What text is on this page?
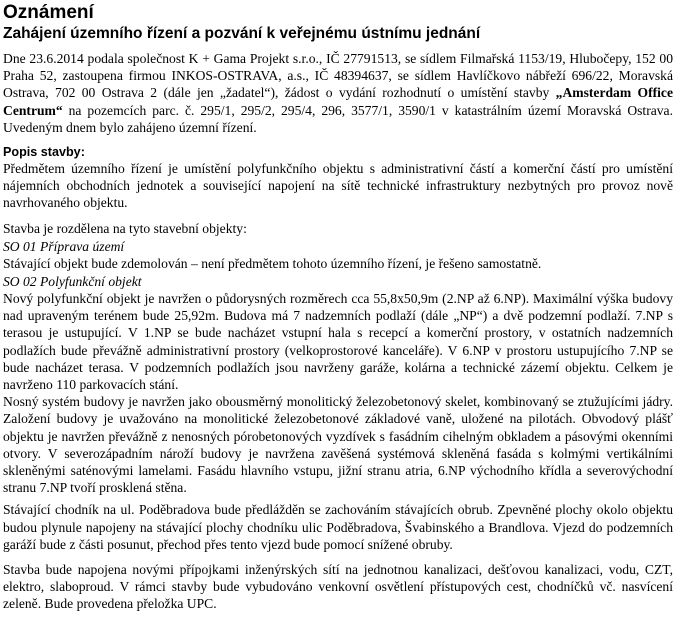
Oznámení
Zahájení územního řízení a pozvání k veřejnému ústnímu jednání

Dne 23.6.2014 podala společnost K + Gama Projekt s.r.o., IČ 27791513, se sídlem Filmařská 1153/19, Hlubočepy, 152 00 Praha 52, zastoupena firmou INKOS-OSTRAVA, a.s., IČ 48394637, se sídlem Havlíčkovo nábřeží 696/22, Moravská Ostrava, 702 00 Ostrava 2 (dále jen „žadatel“), žádost o vydání rozhodnutí o umístění stavby „Amsterdam Office Centrum“ na pozemcích parc. č. 295/1, 295/2, 295/4, 296, 3577/1, 3590/1 v katastrálním území Moravská Ostrava. Uvedeným dnem bylo zahájeno územní řízení.

Popis stavby:

Předmětem územního řízení je umístění polyfunkčního objektu s administrativní částí a komerční částí pro umístění nájemních obchodních jednotek a související napojení na sítě technické infrastruktury nezbytných pro provoz nově navrhovaného objektu.

Stavba je rozdělena na tyto stavební objekty:

SO 01 Příprava území

Stávající objekt bude zdemolován – není předmětem tohoto územního řízení, je řešeno samostatně.

SO 02 Polyfunkční objekt

Nový polyfunkční objekt je navržen o půdorysných rozměrech cca 55,8x50,9m (2.NP až 6.NP). Maximální výška budovy nad upraveným terénem bude 25,92m. Budova má 7 nadzemních podlaží (dále „NP“) a dvě podzemní podlaží. 7.NP s terasou je ustupující. V 1.NP se bude nacházet vstupní hala s recepcí a komerční prostory, v ostatních nadzemních podlažích bude převážně administrativní prostory (velkoprostorové kanceláře). V 6.NP v prostoru ustupujícího 7.NP se bude nacházet terasa. V podzemních podlažích jsou navrženy garáže, kolárna a technické zázemí objektu. Celkem je navrženo 110 parkovacích stání.

Nosný systém budovy je navržen jako obousměrný monolitický železobetonový skelet, kombinovaný se ztužujícími jádry. Založení budovy je uvažováno na monolitické železobetonové základové vaně, uložené na pilotách. Obvodový plášť objektu je navržen převážně z nenosných pórobetonových vyzdívek s fasádním cihelným obkladem a pásovými okenními otvory. V severozápadním nároží budovy je navržena zavěšená systémová skleněná fasáda s kolmými vertikálními skleněnými saténovými lamelami. Fasádu hlavního vstupu, jižní stranu atria, 6.NP východního křídla a severovýchodní stranu 7.NP tvoří prosklená stěna.

Stávající chodník na ul. Poděbradova bude předlážděn se zachováním stávajících obrub. Zpevněné plochy okolo objektu budou plynule napojeny na stávající plochy chodníku ulic Poděbradova, Švabinského a Brandlova. Vjezd do podzemních garáží bude z části posunut, přechod přes tento vjezd bude pomocí snížené obruby.

Stavba bude napojena novými přípojkami inženýrských sítí na jednotnou kanalizaci, dešťovou kanalizaci, vodu, CZT, elektro, slaboproud. V rámci stavby bude vybudováno venkovní osvětlení přístupových cest, chodníčků vč. nasvícení zeleně. Bude provedena přeložka UPC.
